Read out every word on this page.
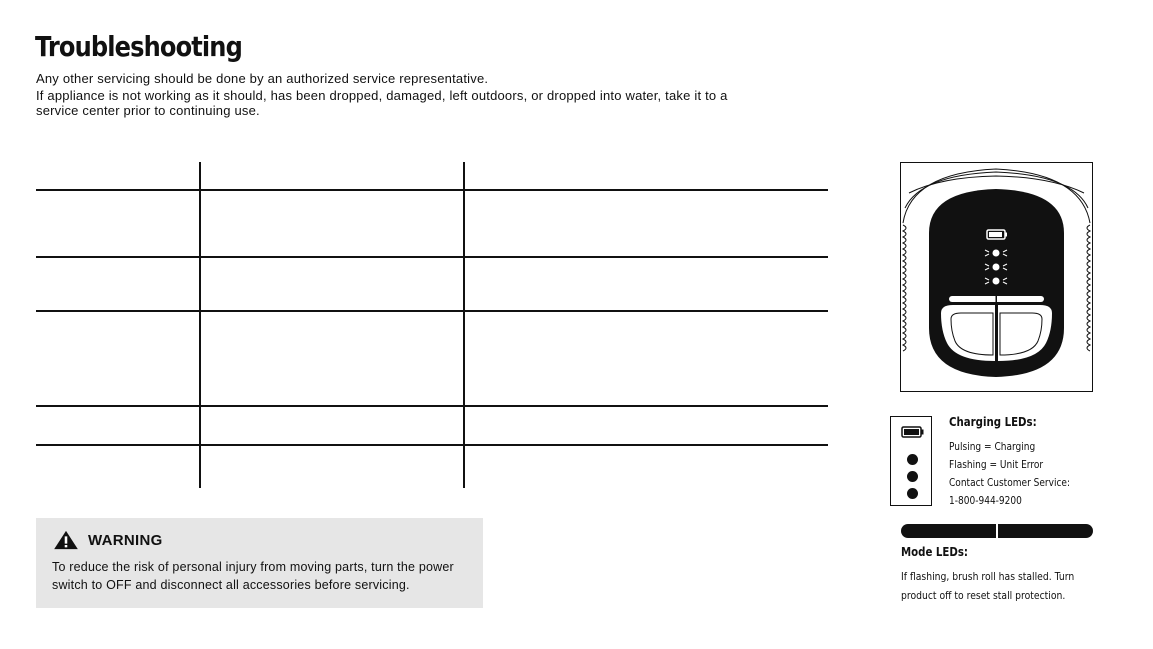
Troubleshooting

Any other servicing should be done by an authorized service representative.

If appliance is not working as it should, has been dropped, damaged, left outdoors, or dropped into water, take it to a service center prior to continuing use.

WARNING
To reduce the risk of personal injury from moving parts, turn the power switch to OFF and disconnect all accessories before servicing.
Charging LEDs:
Pulsing = Charging
Flashing = Unit Error
Contact Customer Service:
1-800-944-9200
Mode LEDs:
If flashing, brush roll has stalled. Turn product off to reset stall protection.
